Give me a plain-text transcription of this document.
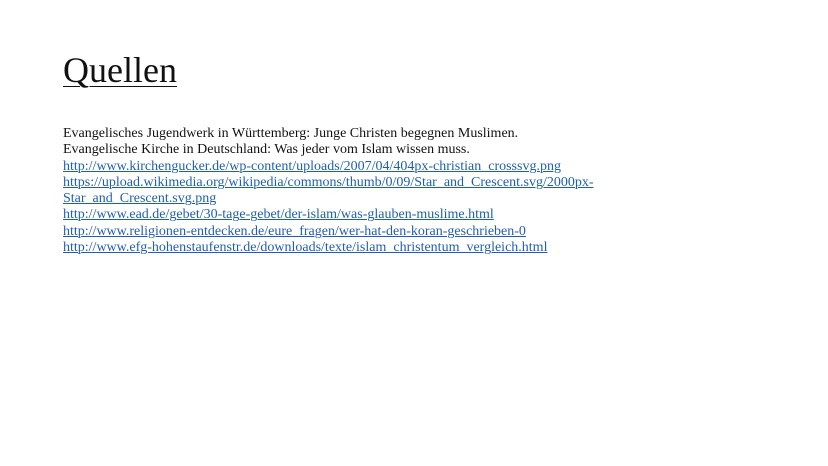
Quellen

Evangelisches Jugendwerk in Württemberg: Junge Christen begegnen Muslimen.

Evangelische Kirche in Deutschland: Was jeder vom Islam wissen muss.

http://www.kirchengucker.de/wp-content/uploads/2007/04/404px-christian_crosssvg.png
https://upload.wikimedia.org/wikipedia/commons/thumb/0/09/Star_and_Crescent.svg/2000px-
Star_and_Crescent.svg.png
http://www.ead.de/gebet/30-tage-gebet/der-islam/was-glauben-muslime.html
http://www.religionen-entdecken.de/eure_fragen/wer-hat-den-koran-geschrieben-0
http://www.efg-hohenstaufenstr.de/downloads/texte/islam_christentum_vergleich.html
